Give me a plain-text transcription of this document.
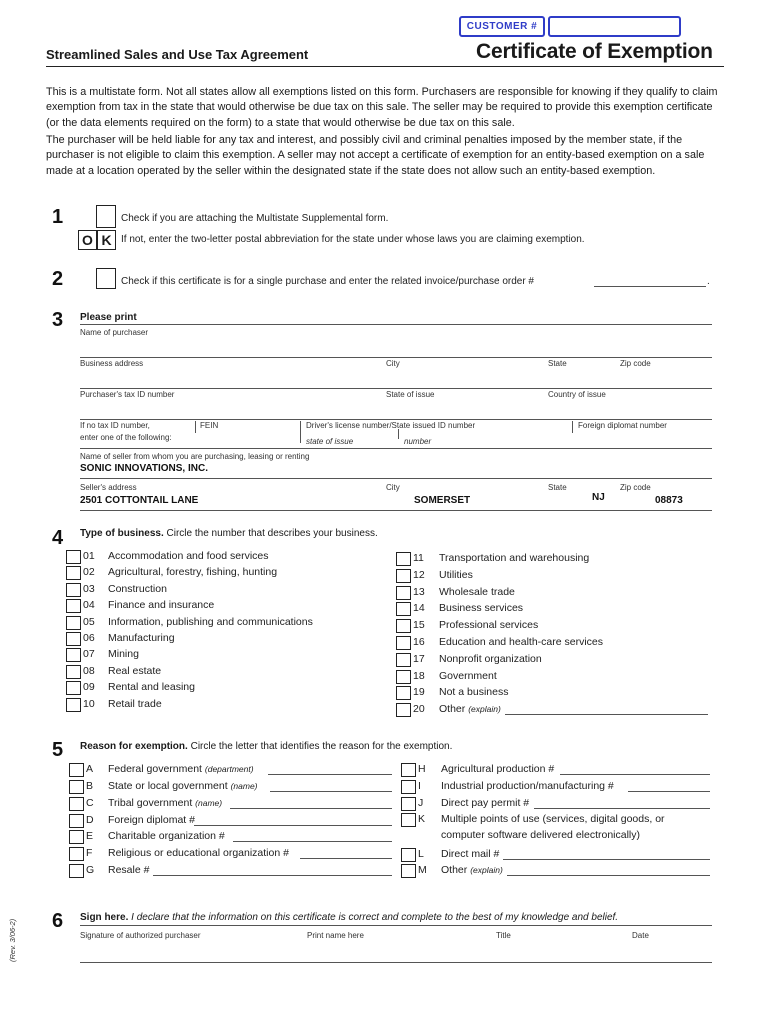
CUSTOMER #
Streamlined Sales and Use Tax Agreement	Certificate of Exemption
This is a multistate form. Not all states allow all exemptions listed on this form. Purchasers are responsible for knowing if they qualify to claim exemption from tax in the state that would otherwise be due tax on this sale. The seller may be required to provide this exemption certificate (or the data elements required on the form) to a state that would otherwise be due tax on this sale.
The purchaser will be held liable for any tax and interest, and possibly civil and criminal penalties imposed by the member state, if the purchaser is not eligible to claim this exemption. A seller may not accept a certificate of exemption for an entity-based exemption on a sale made at a location operated by the seller within the designated state if the state does not allow such an entity-based exemption.
1	Check if you are attaching the Multistate Supplemental form.
O K If not, enter the two-letter postal abbreviation for the state under whose laws you are claiming exemption.
2	Check if this certificate is for a single purchase and enter the related invoice/purchase order #	.
3 Please print
Name of purchaser
Business address	City	State	Zip code
Purchaser's tax ID number	State of issue	Country of issue
If no tax ID number,
enter one of the following:
FEIN	Driver's license number/State issued ID number
state of issue	number
Foreign diplomat number
Name of seller from whom you are purchasing, leasing or renting
SONIC INNOVATIONS, INC.
Seller's address	City	State	Zip code
2501 COTTONTAIL LANE	SOMERSET	NJ	08873
4 Type of business. Circle the number that describes your business.
01 Accommodation and food services
02 Agricultural, forestry, fishing, hunting
03 Construction
04 Finance and insurance
05 Information, publishing and communications
06 Manufacturing
07 Mining
08 Real estate
09 Rental and leasing
10 Retail trade
11 Transportation and warehousing
12 Utilities
13 Wholesale trade
14 Business services
15 Professional services
16 Education and health-care services
17 Nonprofit organization
18 Government
19 Not a business
20 Other (explain)
5 Reason for exemption. Circle the letter that identifies the reason for the exemption.
A Federal government (department)
B State or local government (name)
C Tribal government (name)
D Foreign diplomat #
E Charitable organization #
F Religious or educational organization #
G Resale #
H Agricultural production #
I Industrial production/manufacturing #
J Direct pay permit #
K Multiple points of use (services, digital goods, or
computer software delivered electronically)
L Direct mail #
M Other (explain)
6 Sign here. I declare that the information on this certificate is correct and complete to the best of my knowledge and belief.
Signature of authorized purchaser	Print name here	Title	Date
(Rev. 3/06-2)
